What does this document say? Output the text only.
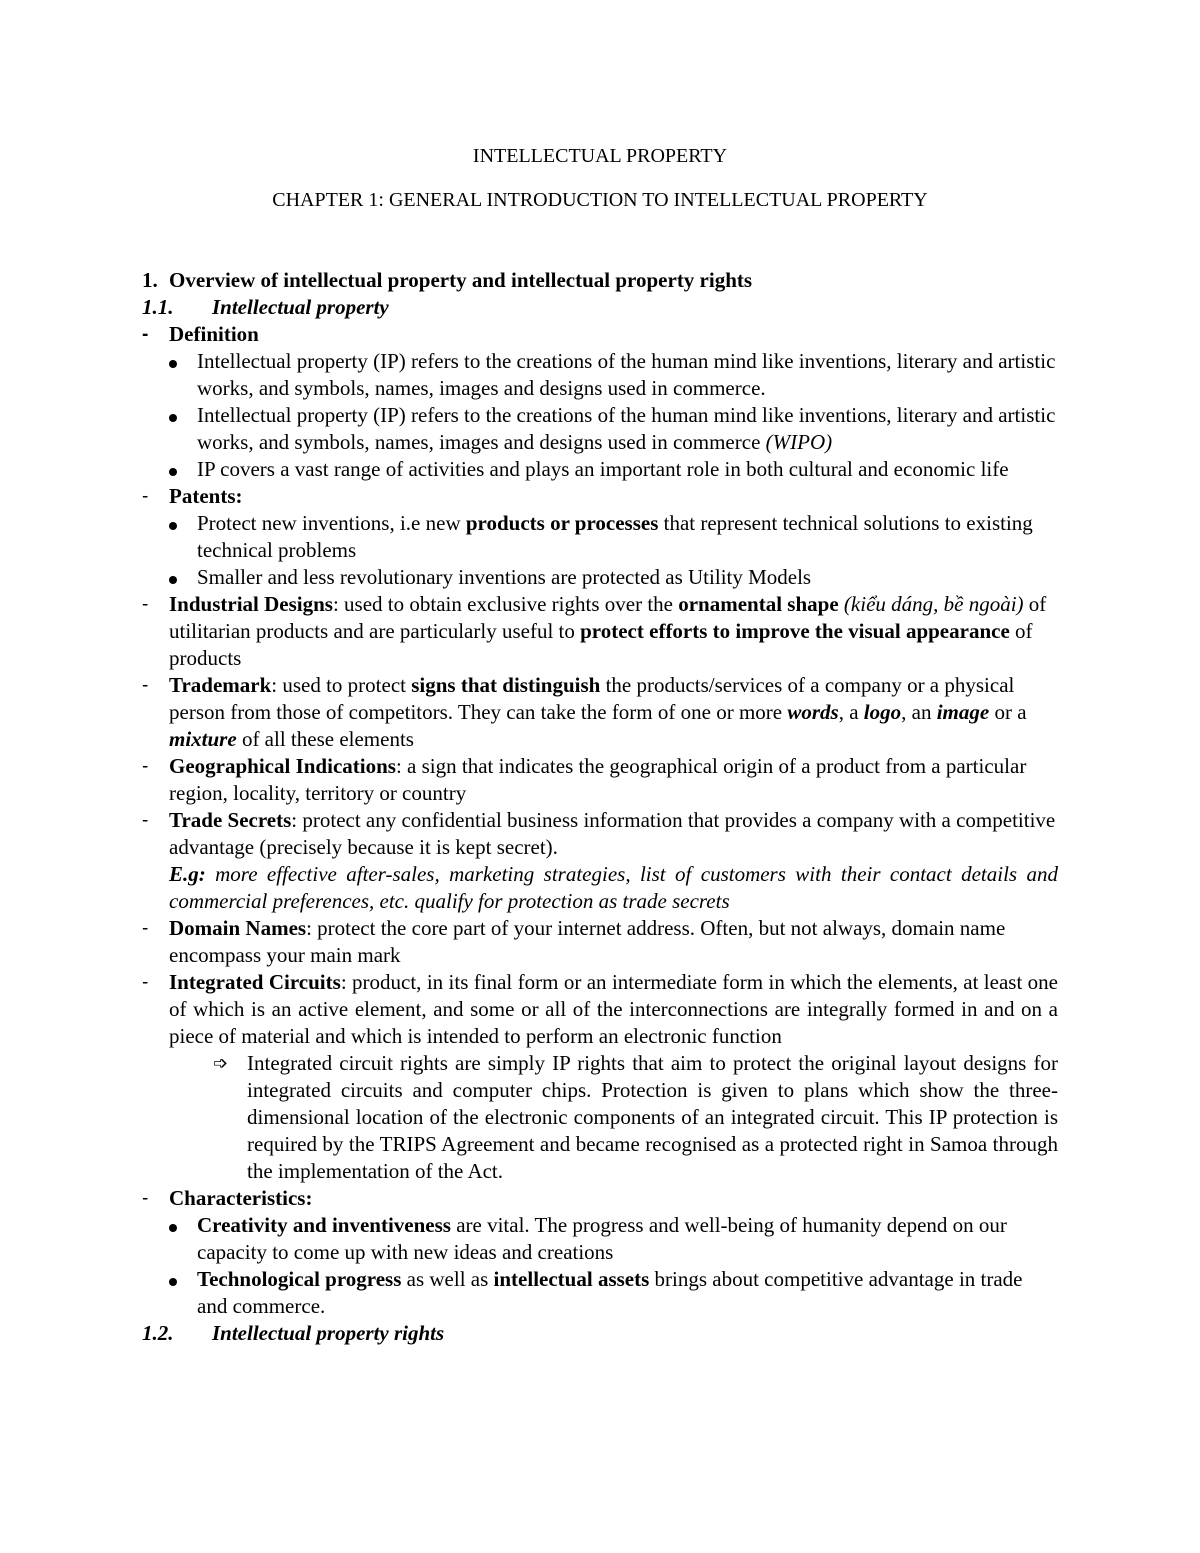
INTELLECTUAL PROPERTY
CHAPTER 1: GENERAL INTRODUCTION TO INTELLECTUAL PROPERTY
1. Overview of intellectual property and intellectual property rights
1.1. Intellectual property
- Definition
Intellectual property (IP) refers to the creations of the human mind like inventions, literary and artistic works, and symbols, names, images and designs used in commerce.
Intellectual property (IP) refers to the creations of the human mind like inventions, literary and artistic works, and symbols, names, images and designs used in commerce (WIPO)
IP covers a vast range of activities and plays an important role in both cultural and economic life
- Patents:
Protect new inventions, i.e new products or processes that represent technical solutions to existing technical problems
Smaller and less revolutionary inventions are protected as Utility Models
- Industrial Designs: used to obtain exclusive rights over the ornamental shape (kiểu dáng, bề ngoài) of utilitarian products and are particularly useful to protect efforts to improve the visual appearance of products
- Trademark: used to protect signs that distinguish the products/services of a company or a physical person from those of competitors. They can take the form of one or more words, a logo, an image or a mixture of all these elements
- Geographical Indications: a sign that indicates the geographical origin of a product from a particular region, locality, territory or country
- Trade Secrets: protect any confidential business information that provides a company with a competitive advantage (precisely because it is kept secret).
E.g: more effective after-sales, marketing strategies, list of customers with their contact details and commercial preferences, etc. qualify for protection as trade secrets
- Domain Names: protect the core part of your internet address. Often, but not always, domain name encompass your main mark
- Integrated Circuits: product, in its final form or an intermediate form in which the elements, at least one of which is an active element, and some or all of the interconnections are integrally formed in and on a piece of material and which is intended to perform an electronic function
➩ Integrated circuit rights are simply IP rights that aim to protect the original layout designs for integrated circuits and computer chips. Protection is given to plans which show the three-dimensional location of the electronic components of an integrated circuit. This IP protection is required by the TRIPS Agreement and became recognised as a protected right in Samoa through the implementation of the Act.
- Characteristics:
Creativity and inventiveness are vital. The progress and well-being of humanity depend on our capacity to come up with new ideas and creations
Technological progress as well as intellectual assets brings about competitive advantage in trade and commerce.
1.2. Intellectual property rights
